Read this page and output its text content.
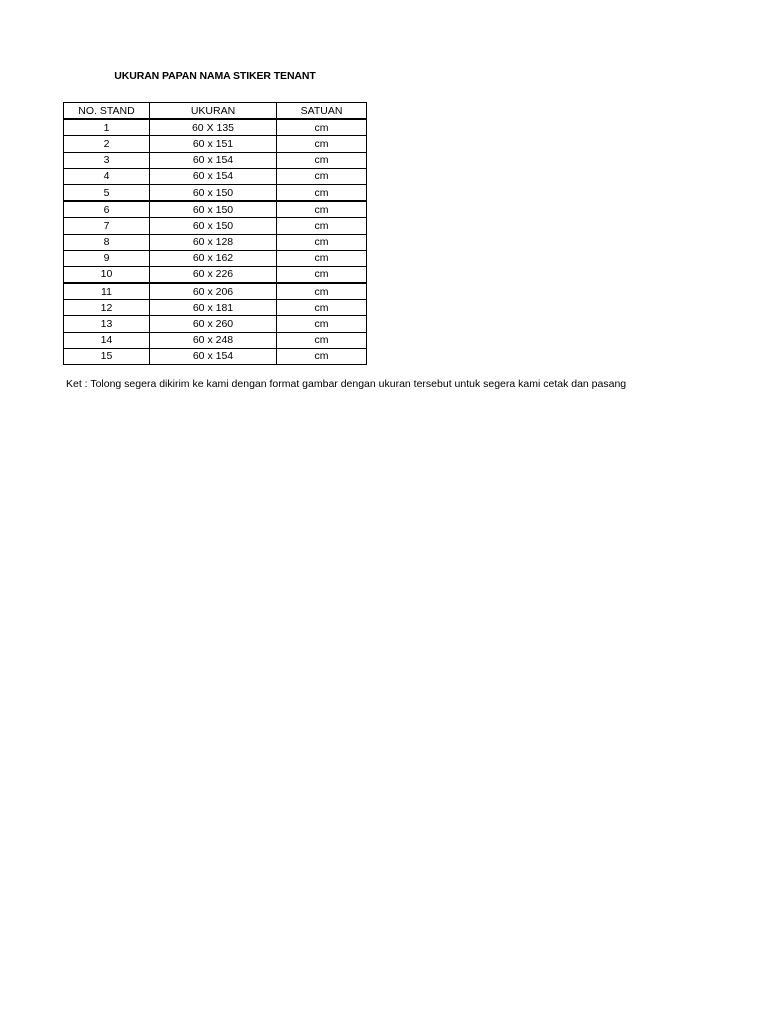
UKURAN PAPAN NAMA STIKER TENANT
NO. STAND	UKURAN	SATUAN
1	60 X 135	cm
2	60 x 151	cm
3	60 x 154	cm
4	60 x 154	cm
5	60 x 150	cm
6	60 x 150	cm
7	60 x 150	cm
8	60 x 128	cm
9	60 x 162	cm
10	60 x 226	cm
11	60 x 206	cm
12	60 x 181	cm
13	60 x 260	cm
14	60 x 248	cm
15	60 x 154	cm
Ket : Tolong segera dikirim ke kami dengan format gambar dengan ukuran tersebut untuk segera kami cetak dan pasang
